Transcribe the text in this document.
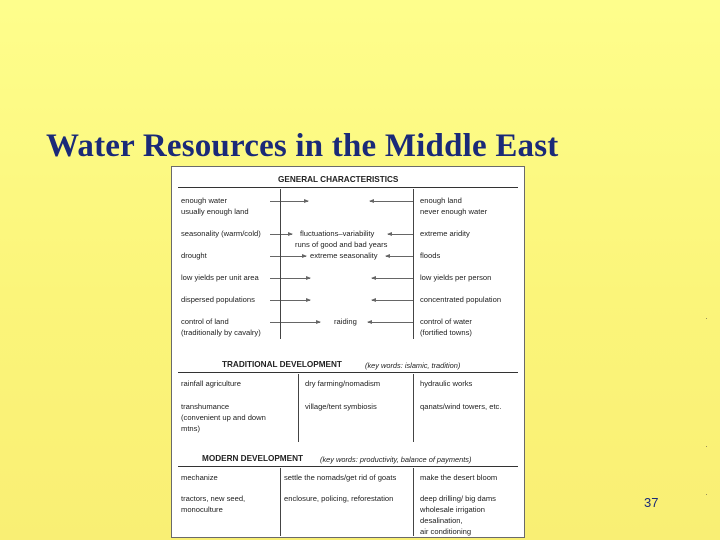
Water Resources in the Middle East
GENERAL CHARACTERISTICS
enough water
usually enough land
seasonality (warm/cold)
drought
low yields per unit area
dispersed populations
control of land
(traditionally by cavalry)
fluctuations–variability
runs of good and bad years
extreme seasonality
raiding
enough land
never enough water
extreme aridity
floods
low yields per person
concentrated population
control of water
(fortified towns)
TRADITIONAL DEVELOPMENT	(key words: islamic, tradition)
rainfall agriculture
transhumance
(convenient up and down
mtns)
dry farming/nomadism
village/tent symbiosis
hydraulic works
qanats/wind towers, etc.
MODERN DEVELOPMENT (key words: productivity, balance of payments)
mechanize
tractors, new seed,
monoculture
settle the nomads/get rid of goats
enclosure, policing, reforestation
make the desert bloom
deep drilling/ big dams
wholesale irrigation
desalination,
air conditioning
37
